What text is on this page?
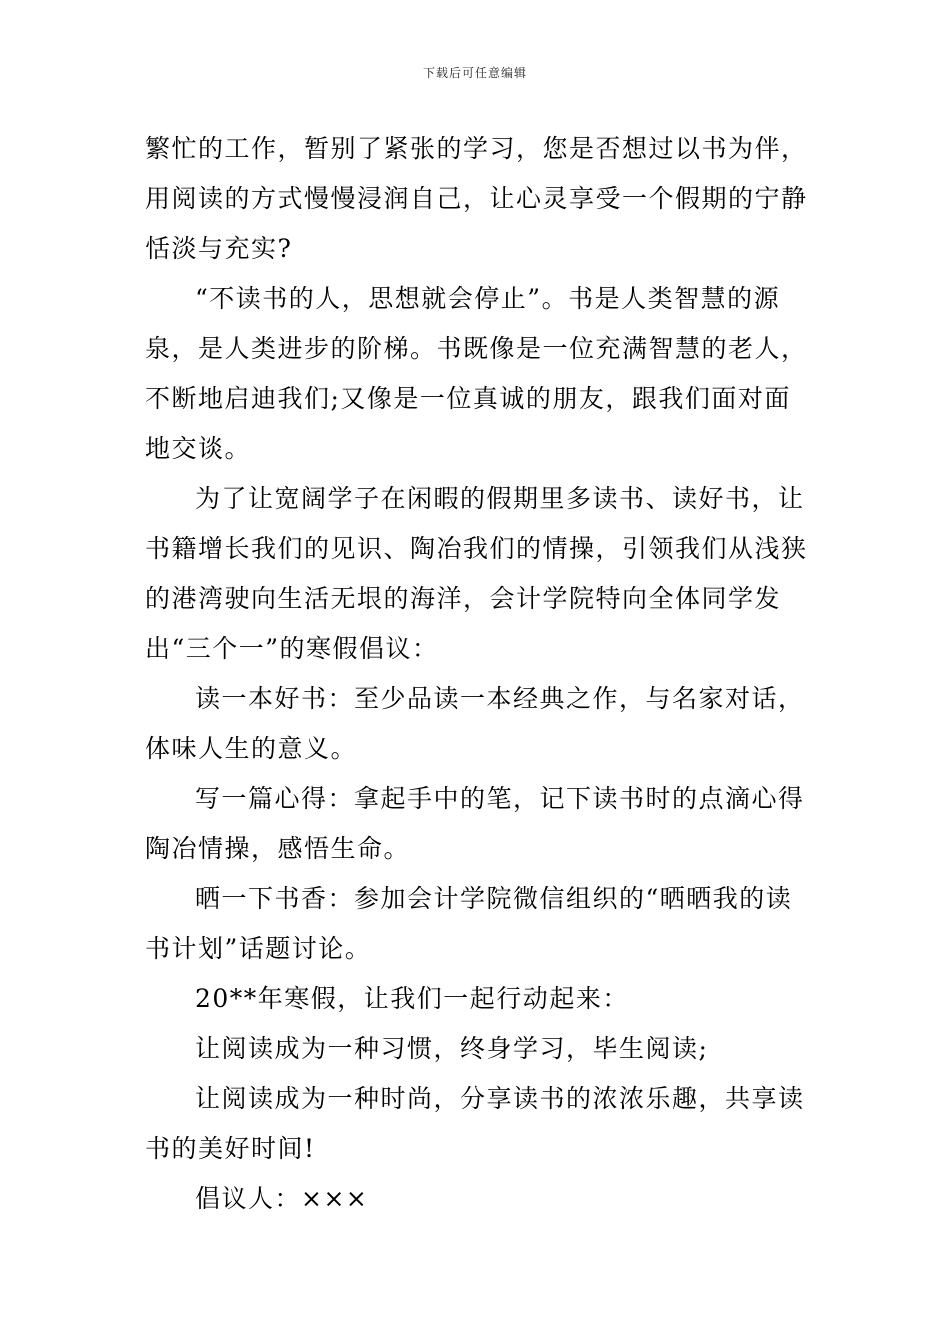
下载后可任意编辑

繁忙的工作，暂别了紧张的学习，您是否想过以书为伴，用阅读的方式慢慢浸润自己，让心灵享受一个假期的宁静恬淡与充实?

“不读书的人，思想就会停止”。书是人类智慧的源泉，是人类进步的阶梯。书既像是一位充满智慧的老人，不断地启迪我们;又像是一位真诚的朋友，跟我们面对面地交谈。

为了让宽阔学子在闲暇的假期里多读书、读好书，让书籍增长我们的见识、陶冶我们的情操，引领我们从浅狭的港湾驶向生活无垠的海洋，会计学院特向全体同学发出“三个一”的寒假倡议：

读一本好书：至少品读一本经典之作，与名家对话，体味人生的意义。

写一篇心得：拿起手中的笔，记下读书时的点滴心得陶冶情操，感悟生命。

晒一下书香：参加会计学院微信组织的“晒晒我的读书计划”话题讨论。

20**年寒假，让我们一起行动起来：

让阅读成为一种习惯，终身学习，毕生阅读;

让阅读成为一种时尚，分享读书的浓浓乐趣，共享读书的美好时间!

倡议人：×××
